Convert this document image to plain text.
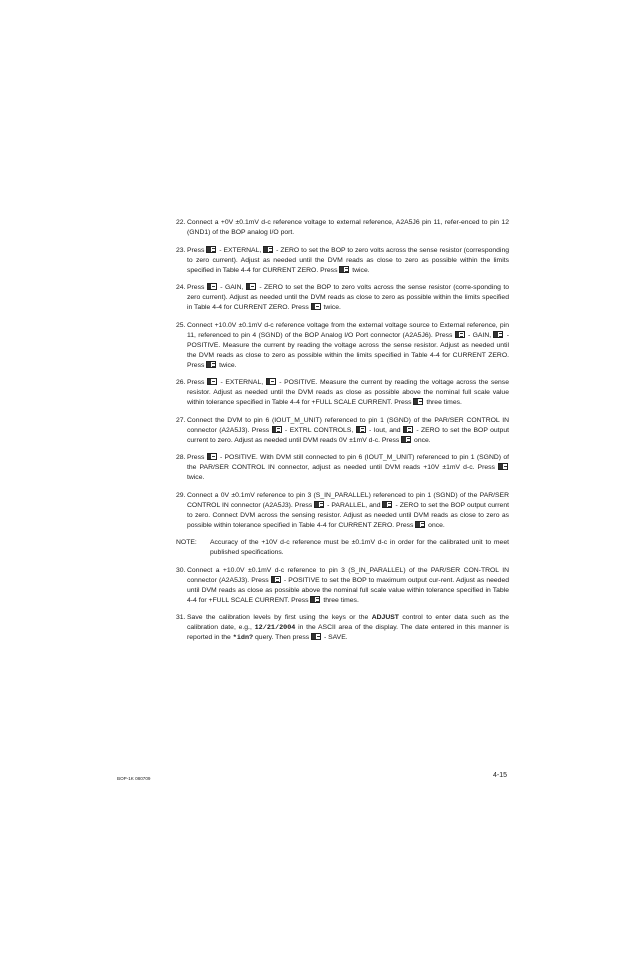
22. Connect a +0V ±0.1mV d-c reference voltage to external reference, A2A5J6 pin 11, refer-enced to pin 12 (GND1) of the BOP analog I/O port.
23. Press  - EXTERNAL,  - ZERO to set the BOP to zero volts across the sense resistor (corresponding to zero current). Adjust as needed until the DVM reads as close to zero as possible within the limits specified in Table 4-4 for CURRENT ZERO. Press  twice.
24. Press  - GAIN,  - ZERO to set the BOP to zero volts across the sense resistor (corre-sponding to zero current). Adjust as needed until the DVM reads as close to zero as possible within the limits specified in Table 4-4 for CURRENT ZERO. Press  twice.
25. Connect +10.0V ±0.1mV d-c reference voltage from the external voltage source to External reference, pin 11, referenced to pin 4 (SGND) of the BOP Analog I/O Port connector (A2A5J6). Press  - GAIN,  - POSITIVE. Measure the current by reading the voltage across the sense resistor. Adjust as needed until the DVM reads as close to zero as possible within the limits specified in Table 4-4 for CURRENT ZERO. Press  twice.
26. Press  - EXTERNAL,  - POSITIVE. Measure the current by reading the voltage across the sense resistor. Adjust as needed until the DVM reads as close as possible above the nominal full scale value within tolerance specified in Table 4-4 for +FULL SCALE CURRENT. Press  three times.
27. Connect the DVM to pin 6 (IOUT_M_UNIT) referenced to pin 1 (SGND) of the PAR/SER CONTROL IN connector (A2A5J3). Press  - EXTRL CONTROLS,  - Iout, and  - ZERO to set the BOP output current to zero. Adjust as needed until DVM reads 0V ±1mV d-c. Press  once.
28. Press  - POSITIVE. With DVM still connected to pin 6 (IOUT_M_UNIT) referenced to pin 1 (SGND) of the PAR/SER CONTROL IN connector, adjust as needed until DVM reads +10V ±1mV d-c. Press  twice.
29. Connect a 0V ±0.1mV reference to pin 3 (S_IN_PARALLEL) referenced to pin 1 (SGND) of the PAR/SER CONTROL IN connector (A2A5J3). Press  - PARALLEL, and  - ZERO to set the BOP output current to zero. Connect DVM across the sensing resistor. Adjust as needed until DVM reads as close to zero as possible within tolerance specified in Table 4-4 for CURRENT ZERO. Press  once.
NOTE:	Accuracy of the +10V d-c reference must be ±0.1mV d-c in order for the calibrated unit to meet published specifications.
30. Connect a +10.0V ±0.1mV d-c reference to pin 3 (S_IN_PARALLEL) of the PAR/SER CON-TROL IN connector (A2A5J3). Press  - POSITIVE to set the BOP to maximum output cur-rent. Adjust as needed until DVM reads as close as possible above the nominal full scale value within tolerance specified in Table 4-4 for +FULL SCALE CURRENT. Press  three times.
31. Save the calibration levels by first using the keys or the ADJUST control to enter data such as the calibration date, e.g., 12/21/2004 in the ASCII area of the display. The date entered in this manner is reported in the *idn? query. Then press  - SAVE.
BOP-1K 080709	4-15
